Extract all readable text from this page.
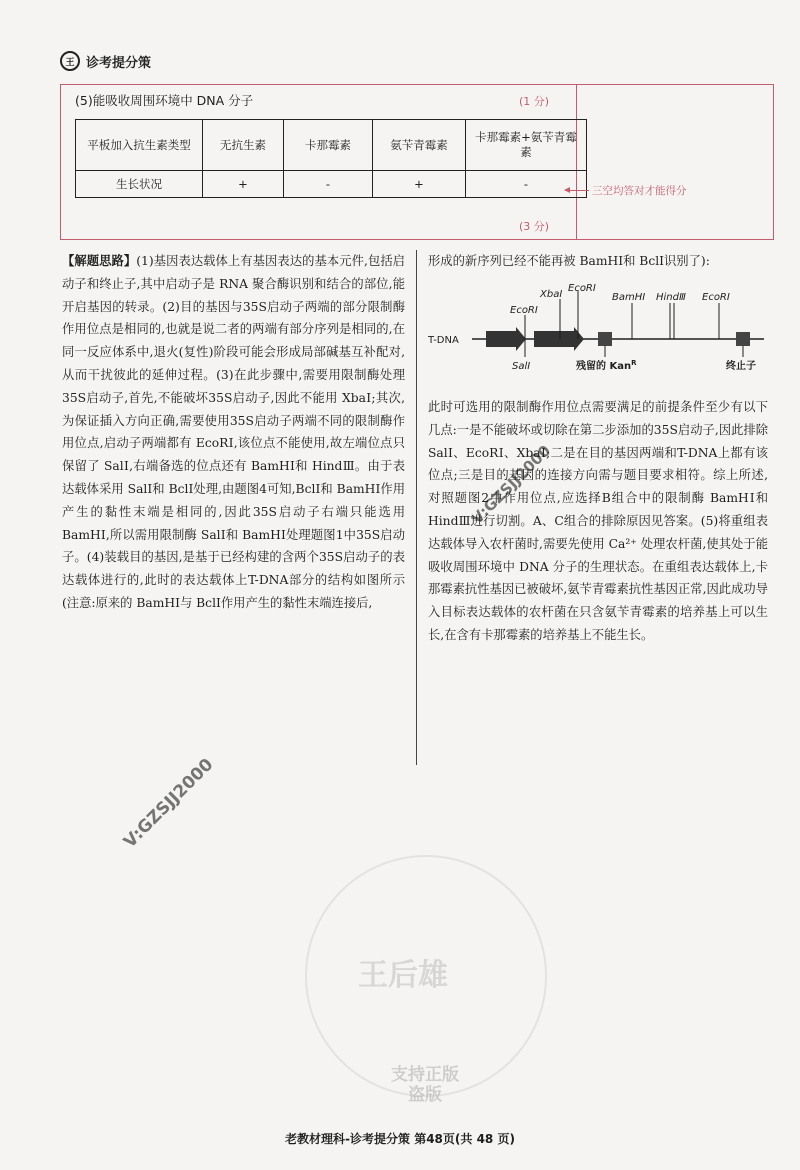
王 诊考提分策
(5)能吸收周围环境中 DNA 分子	(1 分)
平板加入抗生素类型	无抗生素	卡那霉素	氨苄青霉素	卡那霉素+氨苄青霉素
生长状况	+	-	+	-
(3 分)
三空均答对才能得分

【解题思路】(1)基因表达载体上有基因表达的基本元件,包括启动子和终止子,其中启动子是 RNA 聚合酶识别和结合的部位,能开启基因的转录。(2)目的基因与35S启动子两端的部分限制酶作用位点是相同的,也就是说二者的两端有部分序列是相同的,在同一反应体系中,退火(复性)阶段可能会形成局部碱基互补配对,从而干扰彼此的延伸过程。(3)在此步骤中,需要用限制酶处理35S启动子,首先,不能破坏35S启动子,因此不能用 XbaⅠ;其次,为保证插入方向正确,需要使用35S启动子两端不同的限制酶作用位点,启动子两端都有 EcoRⅠ,该位点不能使用,故左端位点只保留了 SalⅠ,右端备选的位点还有 BamHⅠ和 HindⅢ。由于表达载体采用 SalⅠ和 BclⅠ处理,由题图4可知,BclⅠ和 BamHⅠ作用产生的黏性末端是相同的,因此35S启动子右端只能选用 BamHⅠ,所以需用限制酶 SalⅠ和 BamHⅠ处理题图1中35S启动子。(4)装载目的基因,是基于已经构建的含两个35S启动子的表达载体进行的,此时的表达载体上T-DNA部分的结构如图所示(注意:原来的 BamHⅠ与 BclⅠ作用产生的黏性末端连接后,

形成的新序列已经不能再被 BamHⅠ和 BclⅠ识别了):

T-DNA
EcoRⅠ
XbaⅠ
EcoRⅠ
BamHⅠ HindⅢ EcoRⅠ
SalⅠ	残留的 Kan$^R$	终止子

此时可选用的限制酶作用位点需要满足的前提条件至少有以下几点:一是不能破坏或切除在第二步添加的35S启动子,因此排除 SalⅠ、EcoRⅠ、XbaⅠ;二是在目的基因两端和T-DNA上都有该位点;三是目的基因的连接方向需与题目要求相符。综上所述,对照题图2中作用位点,应选择B组合中的限制酶 BamHⅠ和 HindⅢ进行切割。A、C组合的排除原因见答案。(5)将重组表达载体导入农杆菌时,需要先使用 Ca²⁺ 处理农杆菌,使其处于能吸收周围环境中 DNA 分子的生理状态。在重组表达载体上,卡那霉素抗性基因已被破坏,氨苄青霉素抗性基因正常,因此成功导入目标表达载体的农杆菌在只含氨苄青霉素的培养基上可以生长,在含有卡那霉素的培养基上不能生长。

王后雄
支持正版
盗版
V:GZSJJ2000
V:GZSJJ2000
老教材理科-诊考提分策 第48页(共 48 页)
